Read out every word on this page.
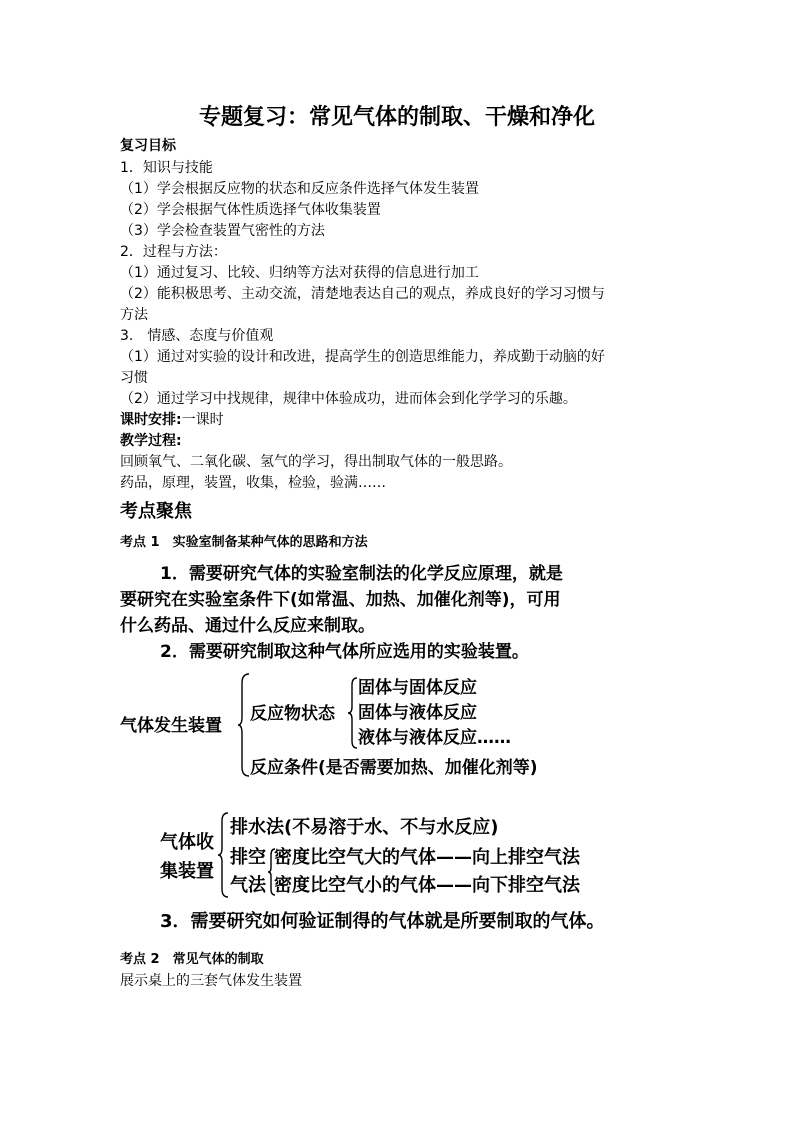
专题复习：常见气体的制取、干燥和净化
复习目标
1．知识与技能
（1）学会根据反应物的状态和反应条件选择气体发生装置
（2）学会根据气体性质选择气体收集装置
（3）学会检查装置气密性的方法
2．过程与方法：
（1）通过复习、比较、归纳等方法对获得的信息进行加工
（2）能积极思考、主动交流，清楚地表达自己的观点，养成良好的学习习惯与
方法
3.　情感、态度与价值观
（1）通过对实验的设计和改进，提高学生的创造思维能力，养成勤于动脑的好
习惯
（2）通过学习中找规律，规律中体验成功，进而体会到化学学习的乐趣。
课时安排:一课时
教学过程:
回顾氧气、二氧化碳、氢气的学习，得出制取气体的一般思路。
药品，原理，装置，收集，检验，验满……
考点聚焦
考点 1　实验室制备某种气体的思路和方法
1．需要研究气体的实验室制法的化学反应原理，就是
要研究在实验室条件下(如常温、加热、加催化剂等)，可用
什么药品、通过什么反应来制取。
2．需要研究制取这种气体所应选用的实验装置。
气体发生装置
反应物状态
固体与固体反应
固体与液体反应
液体与液体反应……
反应条件(是否需要加热、加催化剂等)
气体收
集装置
排水法(不易溶于水、不与水反应)
排空
气法
密度比空气大的气体——向上排空气法
密度比空气小的气体——向下排空气法
3．需要研究如何验证制得的气体就是所要制取的气体。
考点 2　常见气体的制取
展示桌上的三套气体发生装置
